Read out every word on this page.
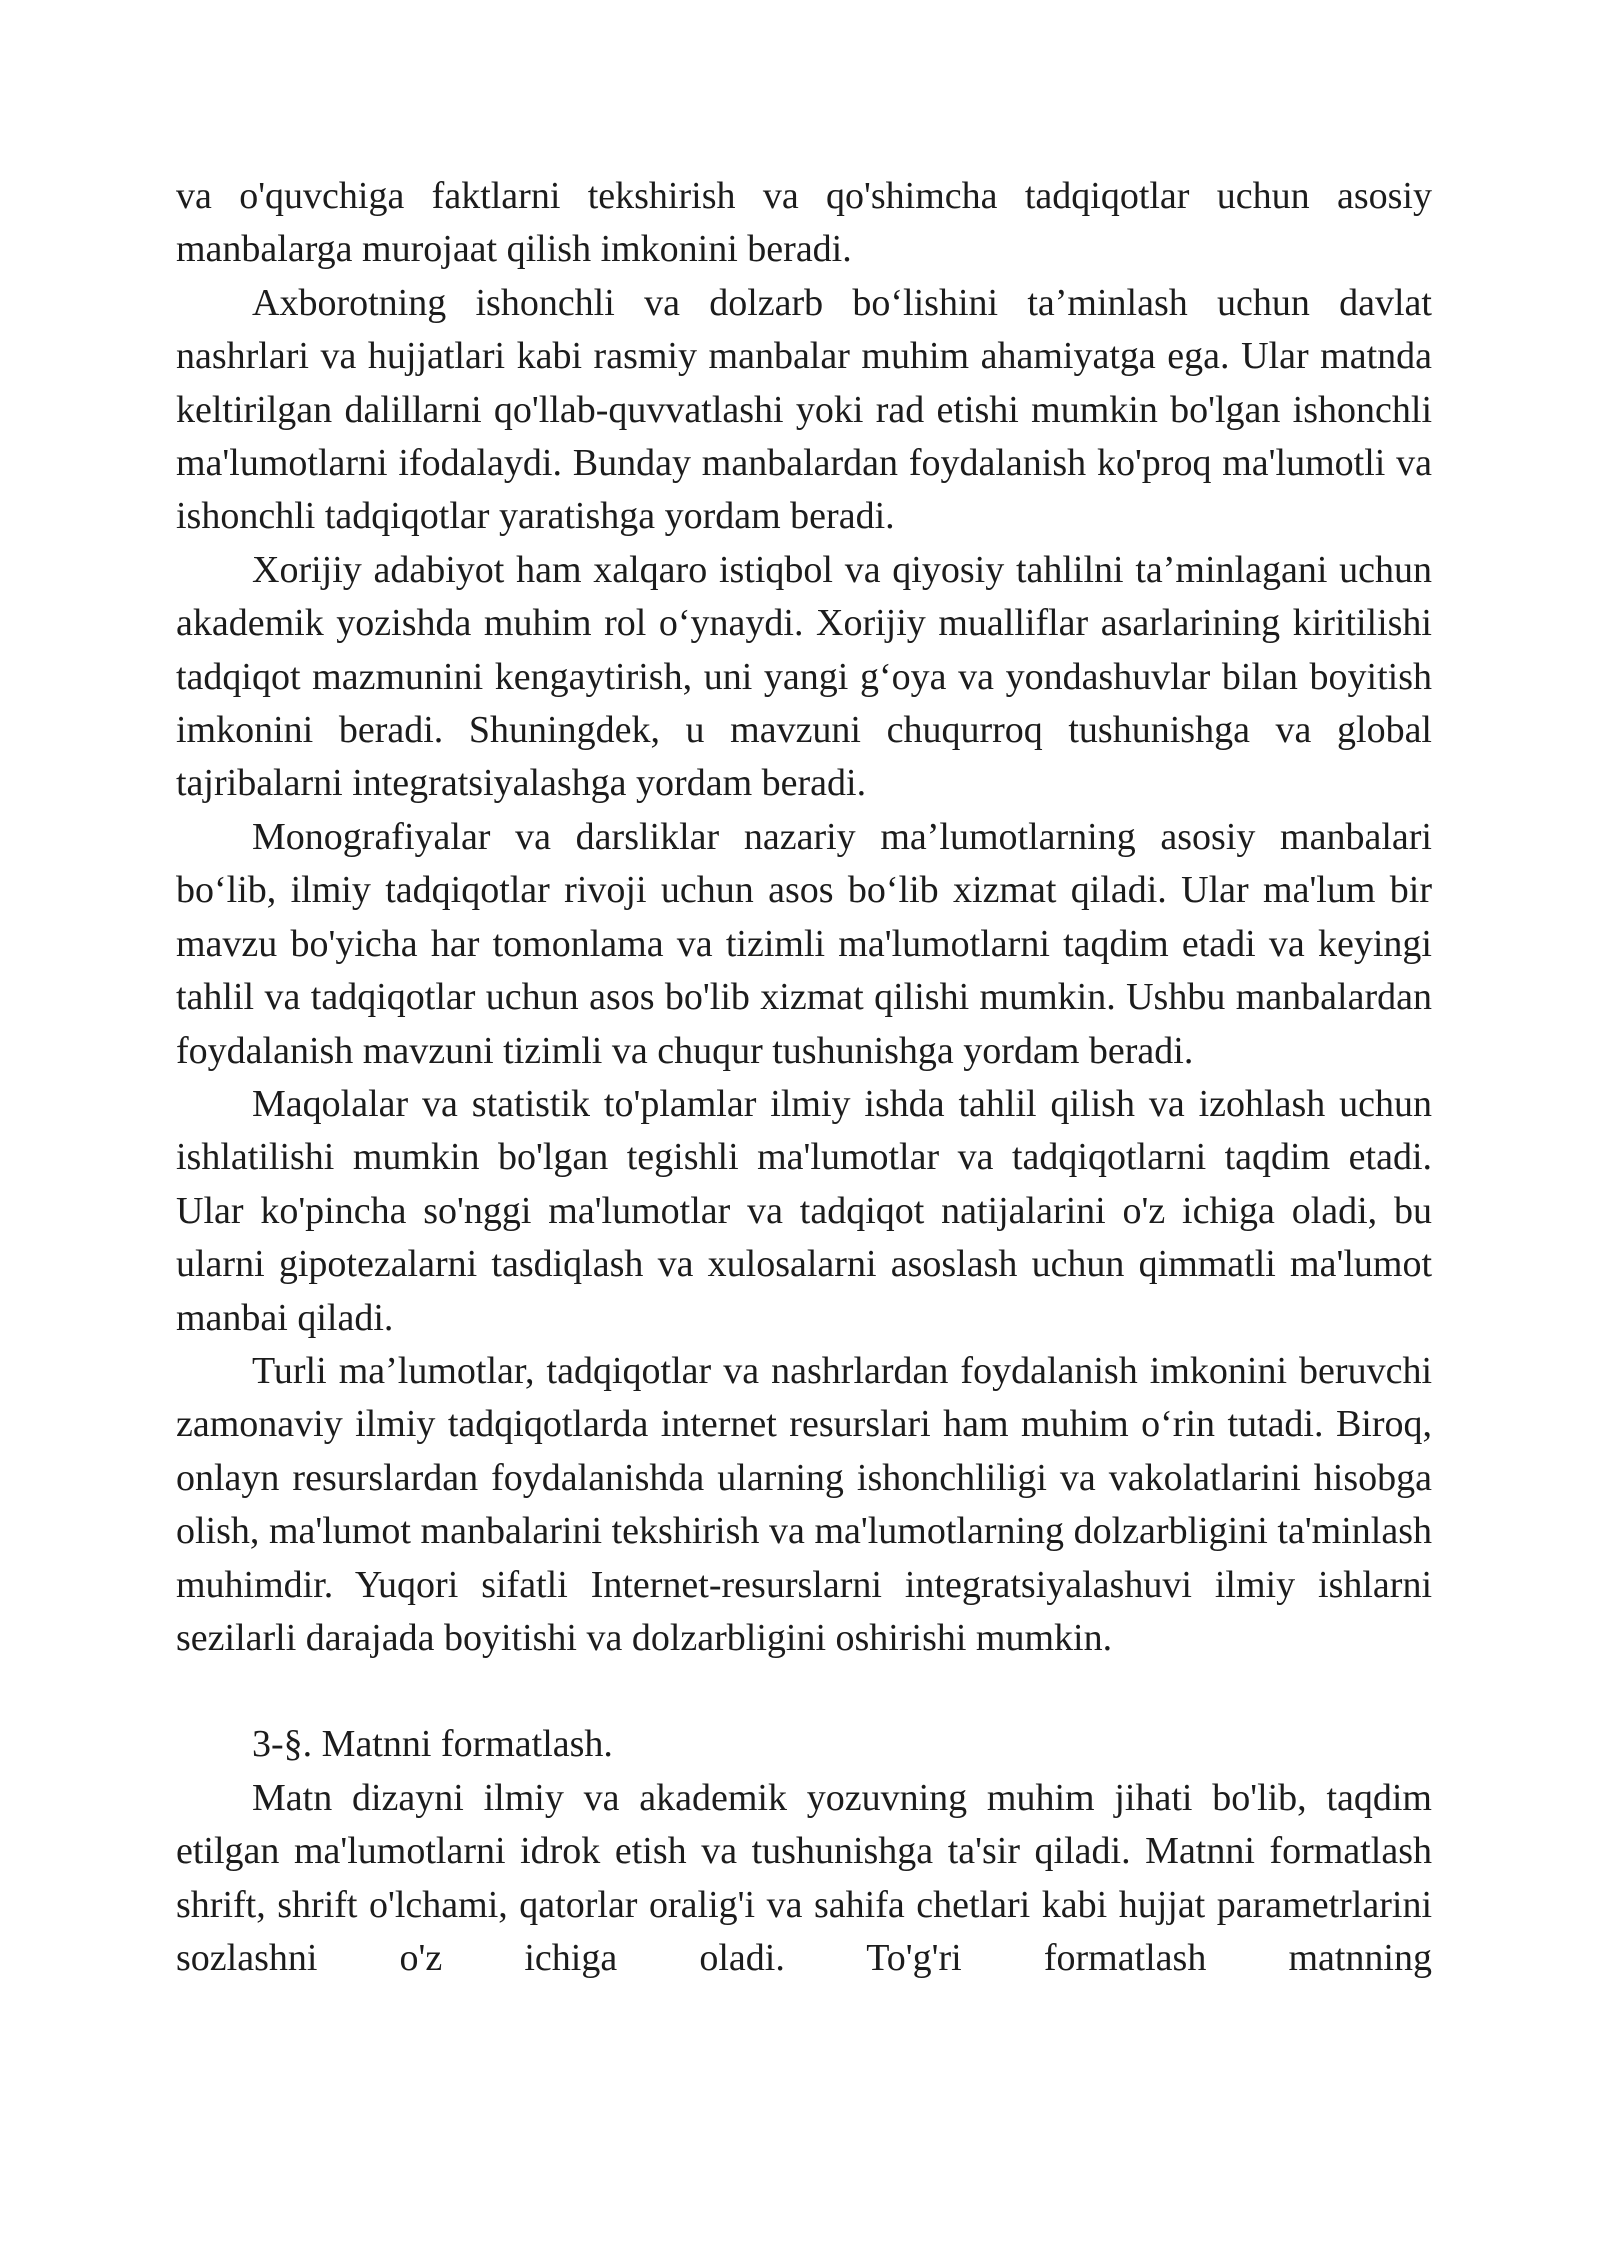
va o'quvchiga faktlarni tekshirish va qo'shimcha tadqiqotlar uchun asosiy manbalarga murojaat qilish imkonini beradi.

Axborotning ishonchli va dolzarb bo‘lishini ta’minlash uchun davlat nashrlari va hujjatlari kabi rasmiy manbalar muhim ahamiyatga ega. Ular matnda keltirilgan dalillarni qo'llab-quvvatlashi yoki rad etishi mumkin bo'lgan ishonchli ma'lumotlarni ifodalaydi. Bunday manbalardan foydalanish ko'proq ma'lumotli va ishonchli tadqiqotlar yaratishga yordam beradi.

Xorijiy adabiyot ham xalqaro istiqbol va qiyosiy tahlilni ta’minlagani uchun akademik yozishda muhim rol o‘ynaydi. Xorijiy mualliflar asarlarining kiritilishi tadqiqot mazmunini kengaytirish, uni yangi g‘oya va yondashuvlar bilan boyitish imkonini beradi. Shuningdek, u mavzuni chuqurroq tushunishga va global tajribalarni integratsiyalashga yordam beradi.

Monografiyalar va darsliklar nazariy ma’lumotlarning asosiy manbalari bo‘lib, ilmiy tadqiqotlar rivoji uchun asos bo‘lib xizmat qiladi. Ular ma'lum bir mavzu bo'yicha har tomonlama va tizimli ma'lumotlarni taqdim etadi va keyingi tahlil va tadqiqotlar uchun asos bo'lib xizmat qilishi mumkin. Ushbu manbalardan foydalanish mavzuni tizimli va chuqur tushunishga yordam beradi.

Maqolalar va statistik to'plamlar ilmiy ishda tahlil qilish va izohlash uchun ishlatilishi mumkin bo'lgan tegishli ma'lumotlar va tadqiqotlarni taqdim etadi. Ular ko'pincha so'nggi ma'lumotlar va tadqiqot natijalarini o'z ichiga oladi, bu ularni gipotezalarni tasdiqlash va xulosalarni asoslash uchun qimmatli ma'lumot manbai qiladi.

Turli ma’lumotlar, tadqiqotlar va nashrlardan foydalanish imkonini beruvchi zamonaviy ilmiy tadqiqotlarda internet resurslari ham muhim o‘rin tutadi. Biroq, onlayn resurslardan foydalanishda ularning ishonchliligi va vakolatlarini hisobga olish, ma'lumot manbalarini tekshirish va ma'lumotlarning dolzarbligini ta'minlash muhimdir. Yuqori sifatli Internet-resurslarni integratsiyalashuvi ilmiy ishlarni sezilarli darajada boyitishi va dolzarbligini oshirishi mumkin.

3-§. Matnni formatlash.

Matn dizayni ilmiy va akademik yozuvning muhim jihati bo'lib, taqdim etilgan ma'lumotlarni idrok etish va tushunishga ta'sir qiladi. Matnni formatlash shrift, shrift o'lchami, qatorlar oralig'i va sahifa chetlari kabi hujjat parametrlarini sozlashni o'z ichiga oladi. To'g'ri formatlash matnning
